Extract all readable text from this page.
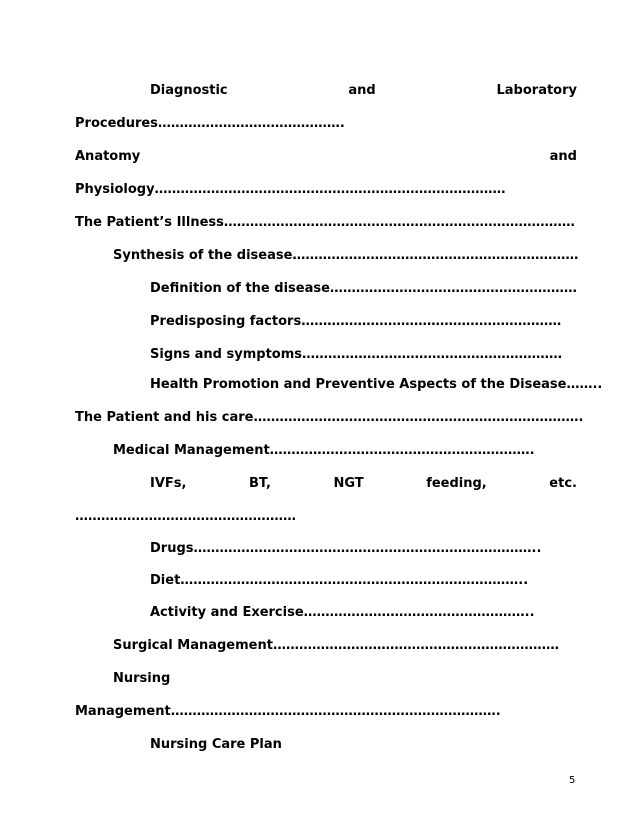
Diagnostic	and	Laboratory
Procedures…………………………………….
Anatomy	and
Physiology………………………………………………………………………
The Patient’s Illness………………………………………………………………………
Synthesis of the disease…………………………………………………………
Definition of the disease…………………………………………………
Predisposing factors……………………………………………………
Signs and symptoms……………………………………………………
Health Promotion and Preventive Aspects of the Disease……..
The Patient and his care………………………………………………………………….
Medical Management…………………………………………………….
IVFs,	BT,	NGT	feeding,	etc.
……………………………………………
Drugs……………………………………………………………………..
Diet……………………………………………………………………..
Activity and Exercise……………………………………………..
Surgical Management…………………………………………………………
Nursing
Management………………………………………………………………….
Nursing Care Plan
5
